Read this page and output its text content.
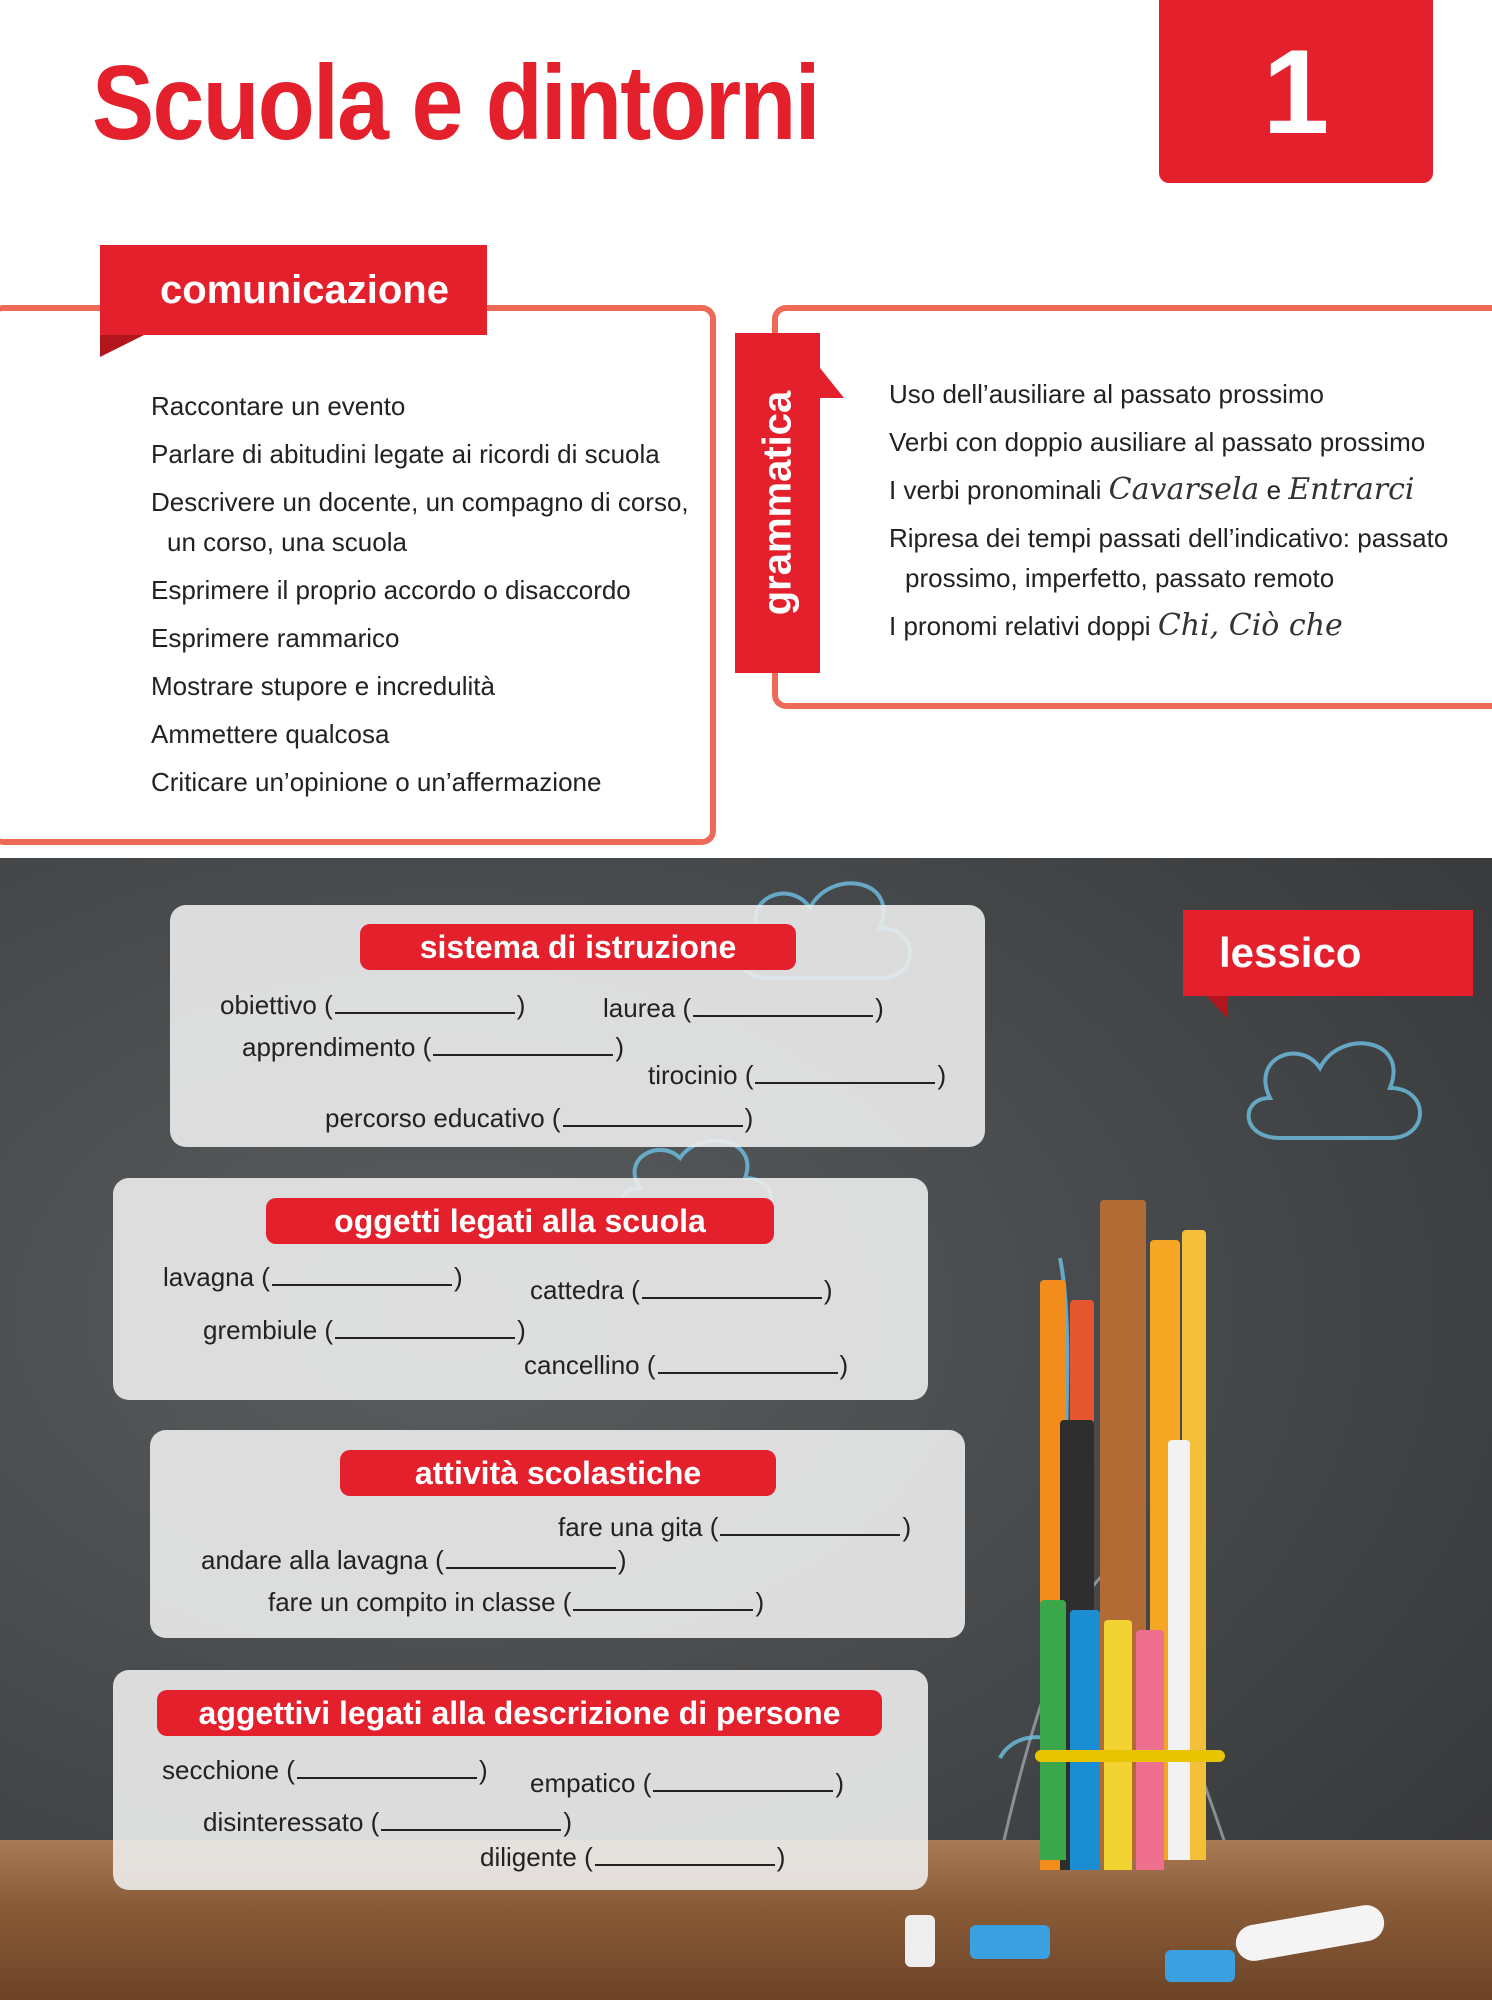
Scuola e dintorni	1
comunicazione
Raccontare un evento
Parlare di abitudini legate ai ricordi di scuola
Descrivere un docente, un compagno di corso,
un corso, una scuola
Esprimere il proprio accordo o disaccordo
Esprimere rammarico
Mostrare stupore e incredulità
Ammettere qualcosa
Criticare un’opinione o un’affermazione
grammatica	Uso dell’ausiliare al passato prossimo
Verbi con doppio ausiliare al passato prossimo
I verbi pronominali Cavarsela e Entrarci
Ripresa dei tempi passati dell’indicativo: passato
prossimo, imperfetto, passato remoto
I pronomi relativi doppi Chi, Ciò che
lessico
sistema di istruzione
obiettivo (	)	laurea (	)
apprendimento (	)
tirocinio (	)
percorso educativo (	)
oggetti legati alla scuola
lavagna (	)	cattedra (	)
grembiule (	)
cancellino (	)
attività scolastiche
fare una gita (	)
andare alla lavagna (	)
fare un compito in classe (	)
aggettivi legati alla descrizione di persone
secchione (	) empatico (	)
disinteressato (	)
diligente (	)
